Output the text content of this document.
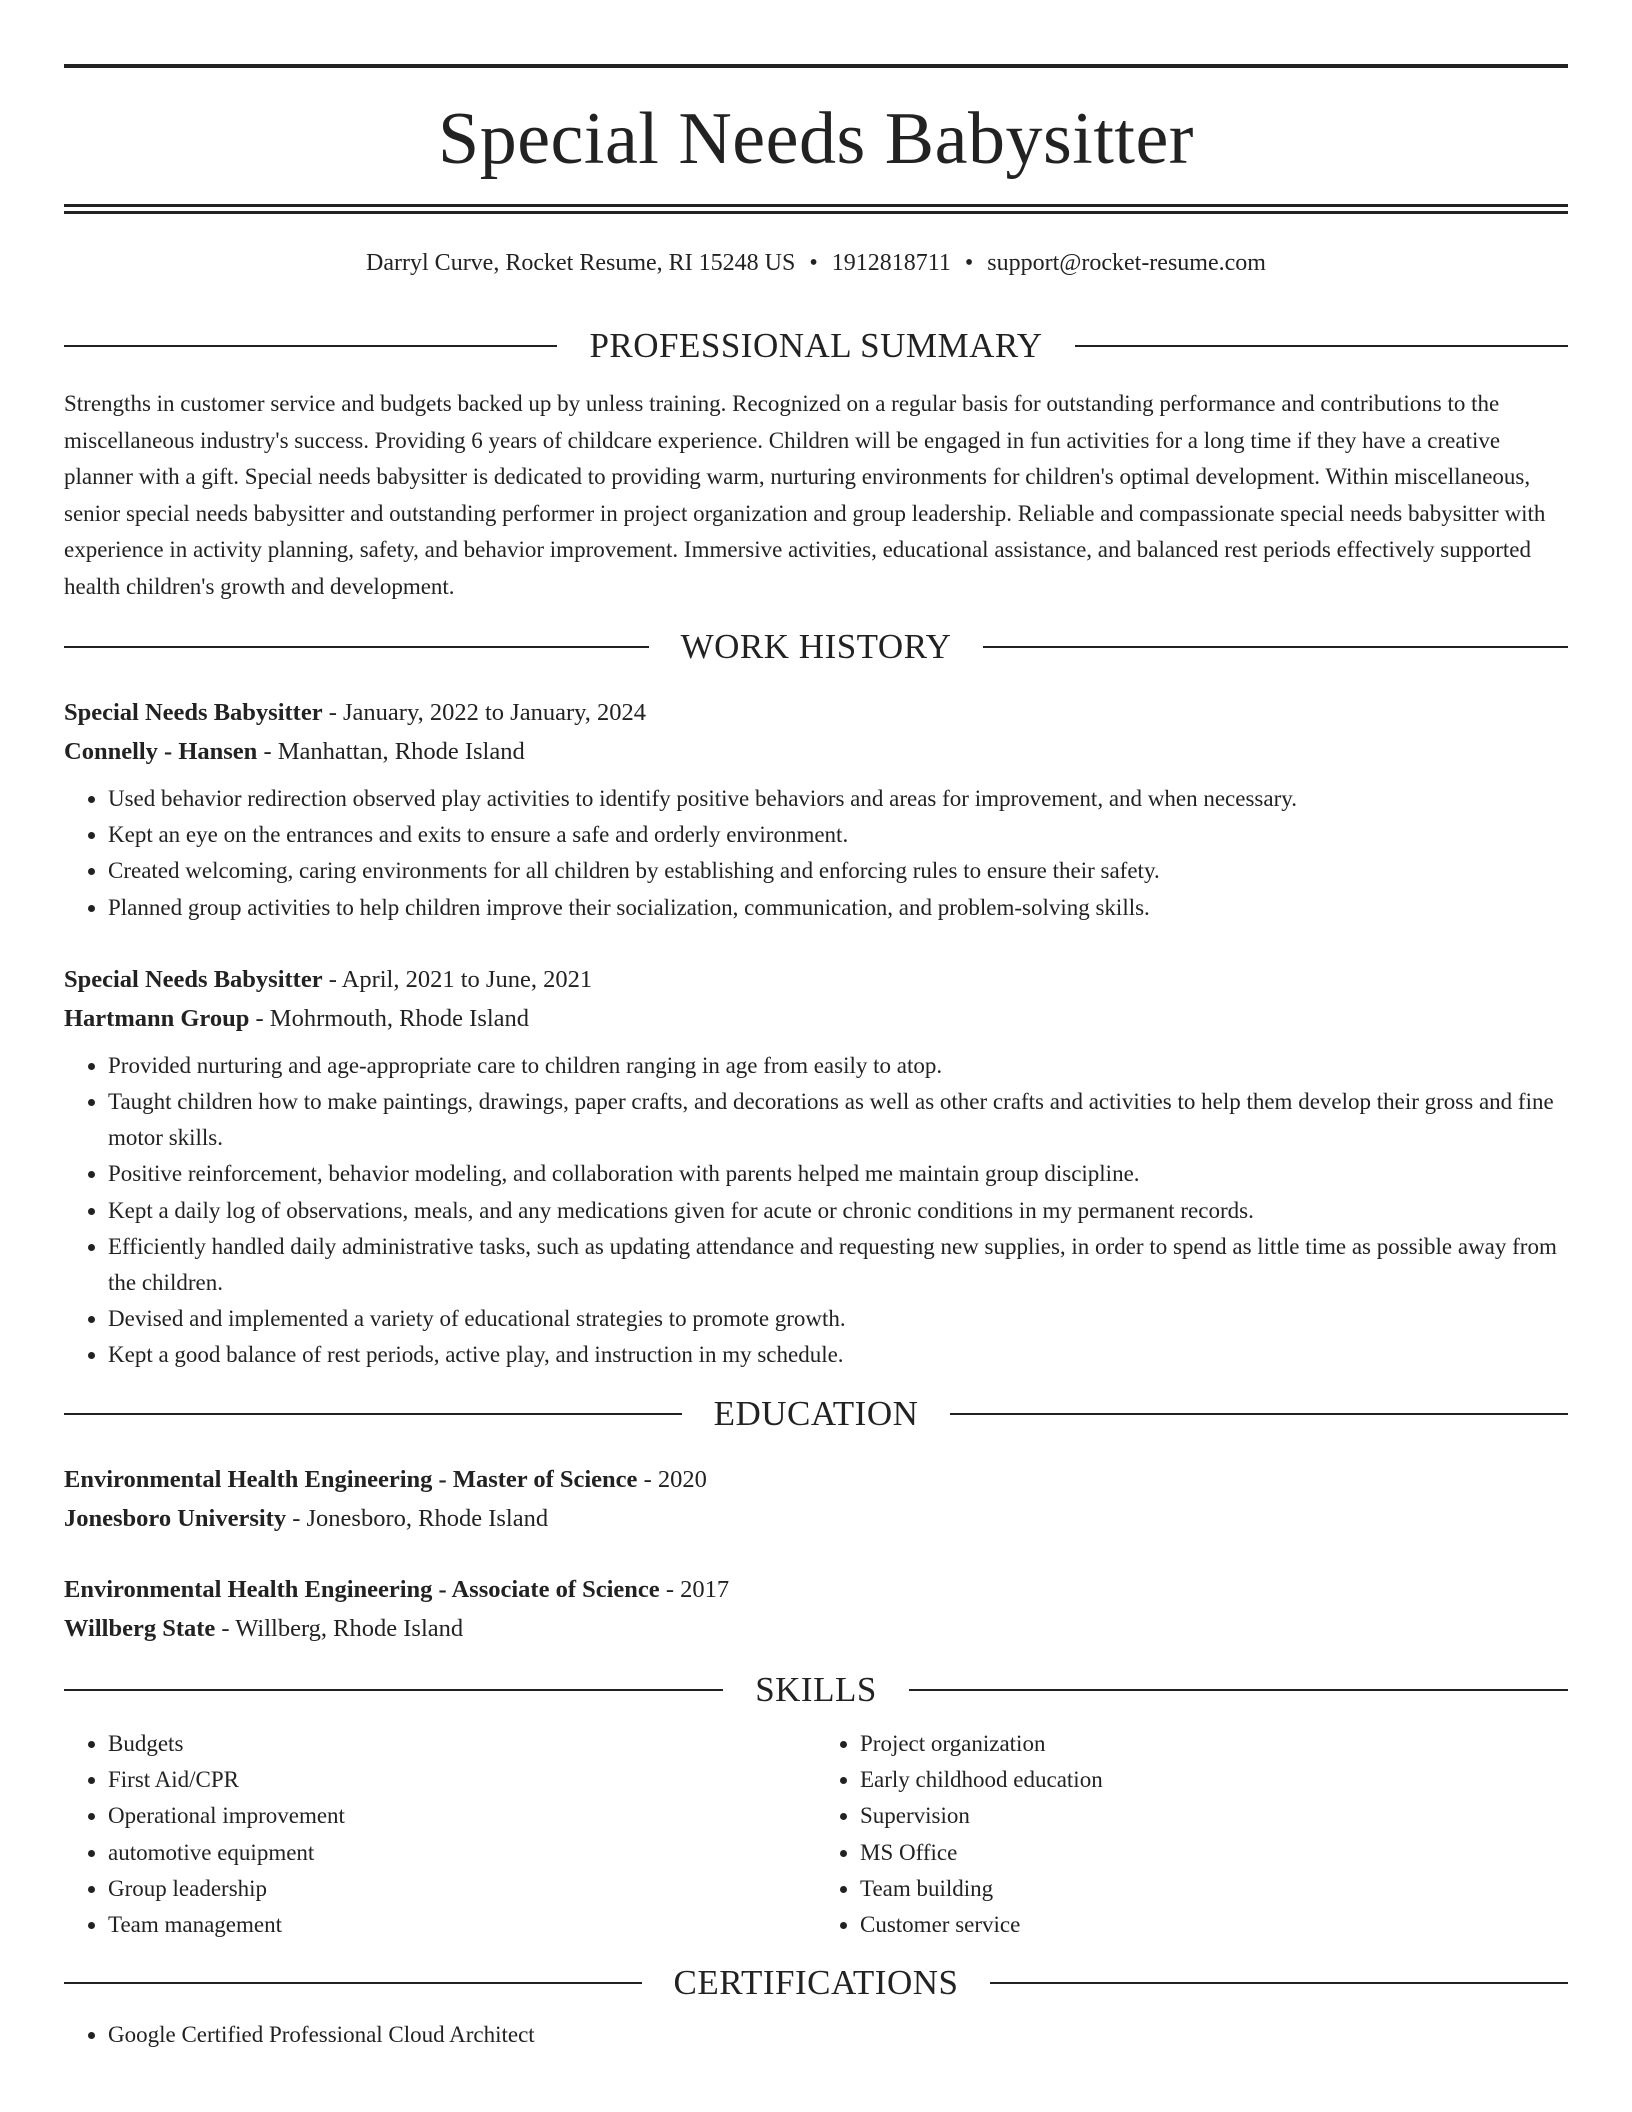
Special Needs Babysitter
Darryl Curve, Rocket Resume, RI 15248 US • 1912818711 • support@rocket-resume.com
PROFESSIONAL SUMMARY
Strengths in customer service and budgets backed up by unless training. Recognized on a regular basis for outstanding performance and contributions to the miscellaneous industry's success. Providing 6 years of childcare experience. Children will be engaged in fun activities for a long time if they have a creative planner with a gift. Special needs babysitter is dedicated to providing warm, nurturing environments for children's optimal development. Within miscellaneous, senior special needs babysitter and outstanding performer in project organization and group leadership. Reliable and compassionate special needs babysitter with experience in activity planning, safety, and behavior improvement. Immersive activities, educational assistance, and balanced rest periods effectively supported health children's growth and development.
WORK HISTORY
Special Needs Babysitter - January, 2022 to January, 2024
Connelly - Hansen - Manhattan, Rhode Island
• Used behavior redirection observed play activities to identify positive behaviors and areas for improvement, and when necessary.
• Kept an eye on the entrances and exits to ensure a safe and orderly environment.
• Created welcoming, caring environments for all children by establishing and enforcing rules to ensure their safety.
• Planned group activities to help children improve their socialization, communication, and problem-solving skills.
Special Needs Babysitter - April, 2021 to June, 2021
Hartmann Group - Mohrmouth, Rhode Island
• Provided nurturing and age-appropriate care to children ranging in age from easily to atop.
• Taught children how to make paintings, drawings, paper crafts, and decorations as well as other crafts and activities to help them develop their gross and fine motor skills.
• Positive reinforcement, behavior modeling, and collaboration with parents helped me maintain group discipline.
• Kept a daily log of observations, meals, and any medications given for acute or chronic conditions in my permanent records.
• Efficiently handled daily administrative tasks, such as updating attendance and requesting new supplies, in order to spend as little time as possible away from the children.
• Devised and implemented a variety of educational strategies to promote growth.
• Kept a good balance of rest periods, active play, and instruction in my schedule.
EDUCATION
Environmental Health Engineering - Master of Science - 2020
Jonesboro University - Jonesboro, Rhode Island
Environmental Health Engineering - Associate of Science - 2017
Willberg State - Willberg, Rhode Island
SKILLS
• Budgets
• First Aid/CPR
• Operational improvement
• automotive equipment
• Group leadership
• Team management
• Project organization
• Early childhood education
• Supervision
• MS Office
• Team building
• Customer service
CERTIFICATIONS
• Google Certified Professional Cloud Architect
